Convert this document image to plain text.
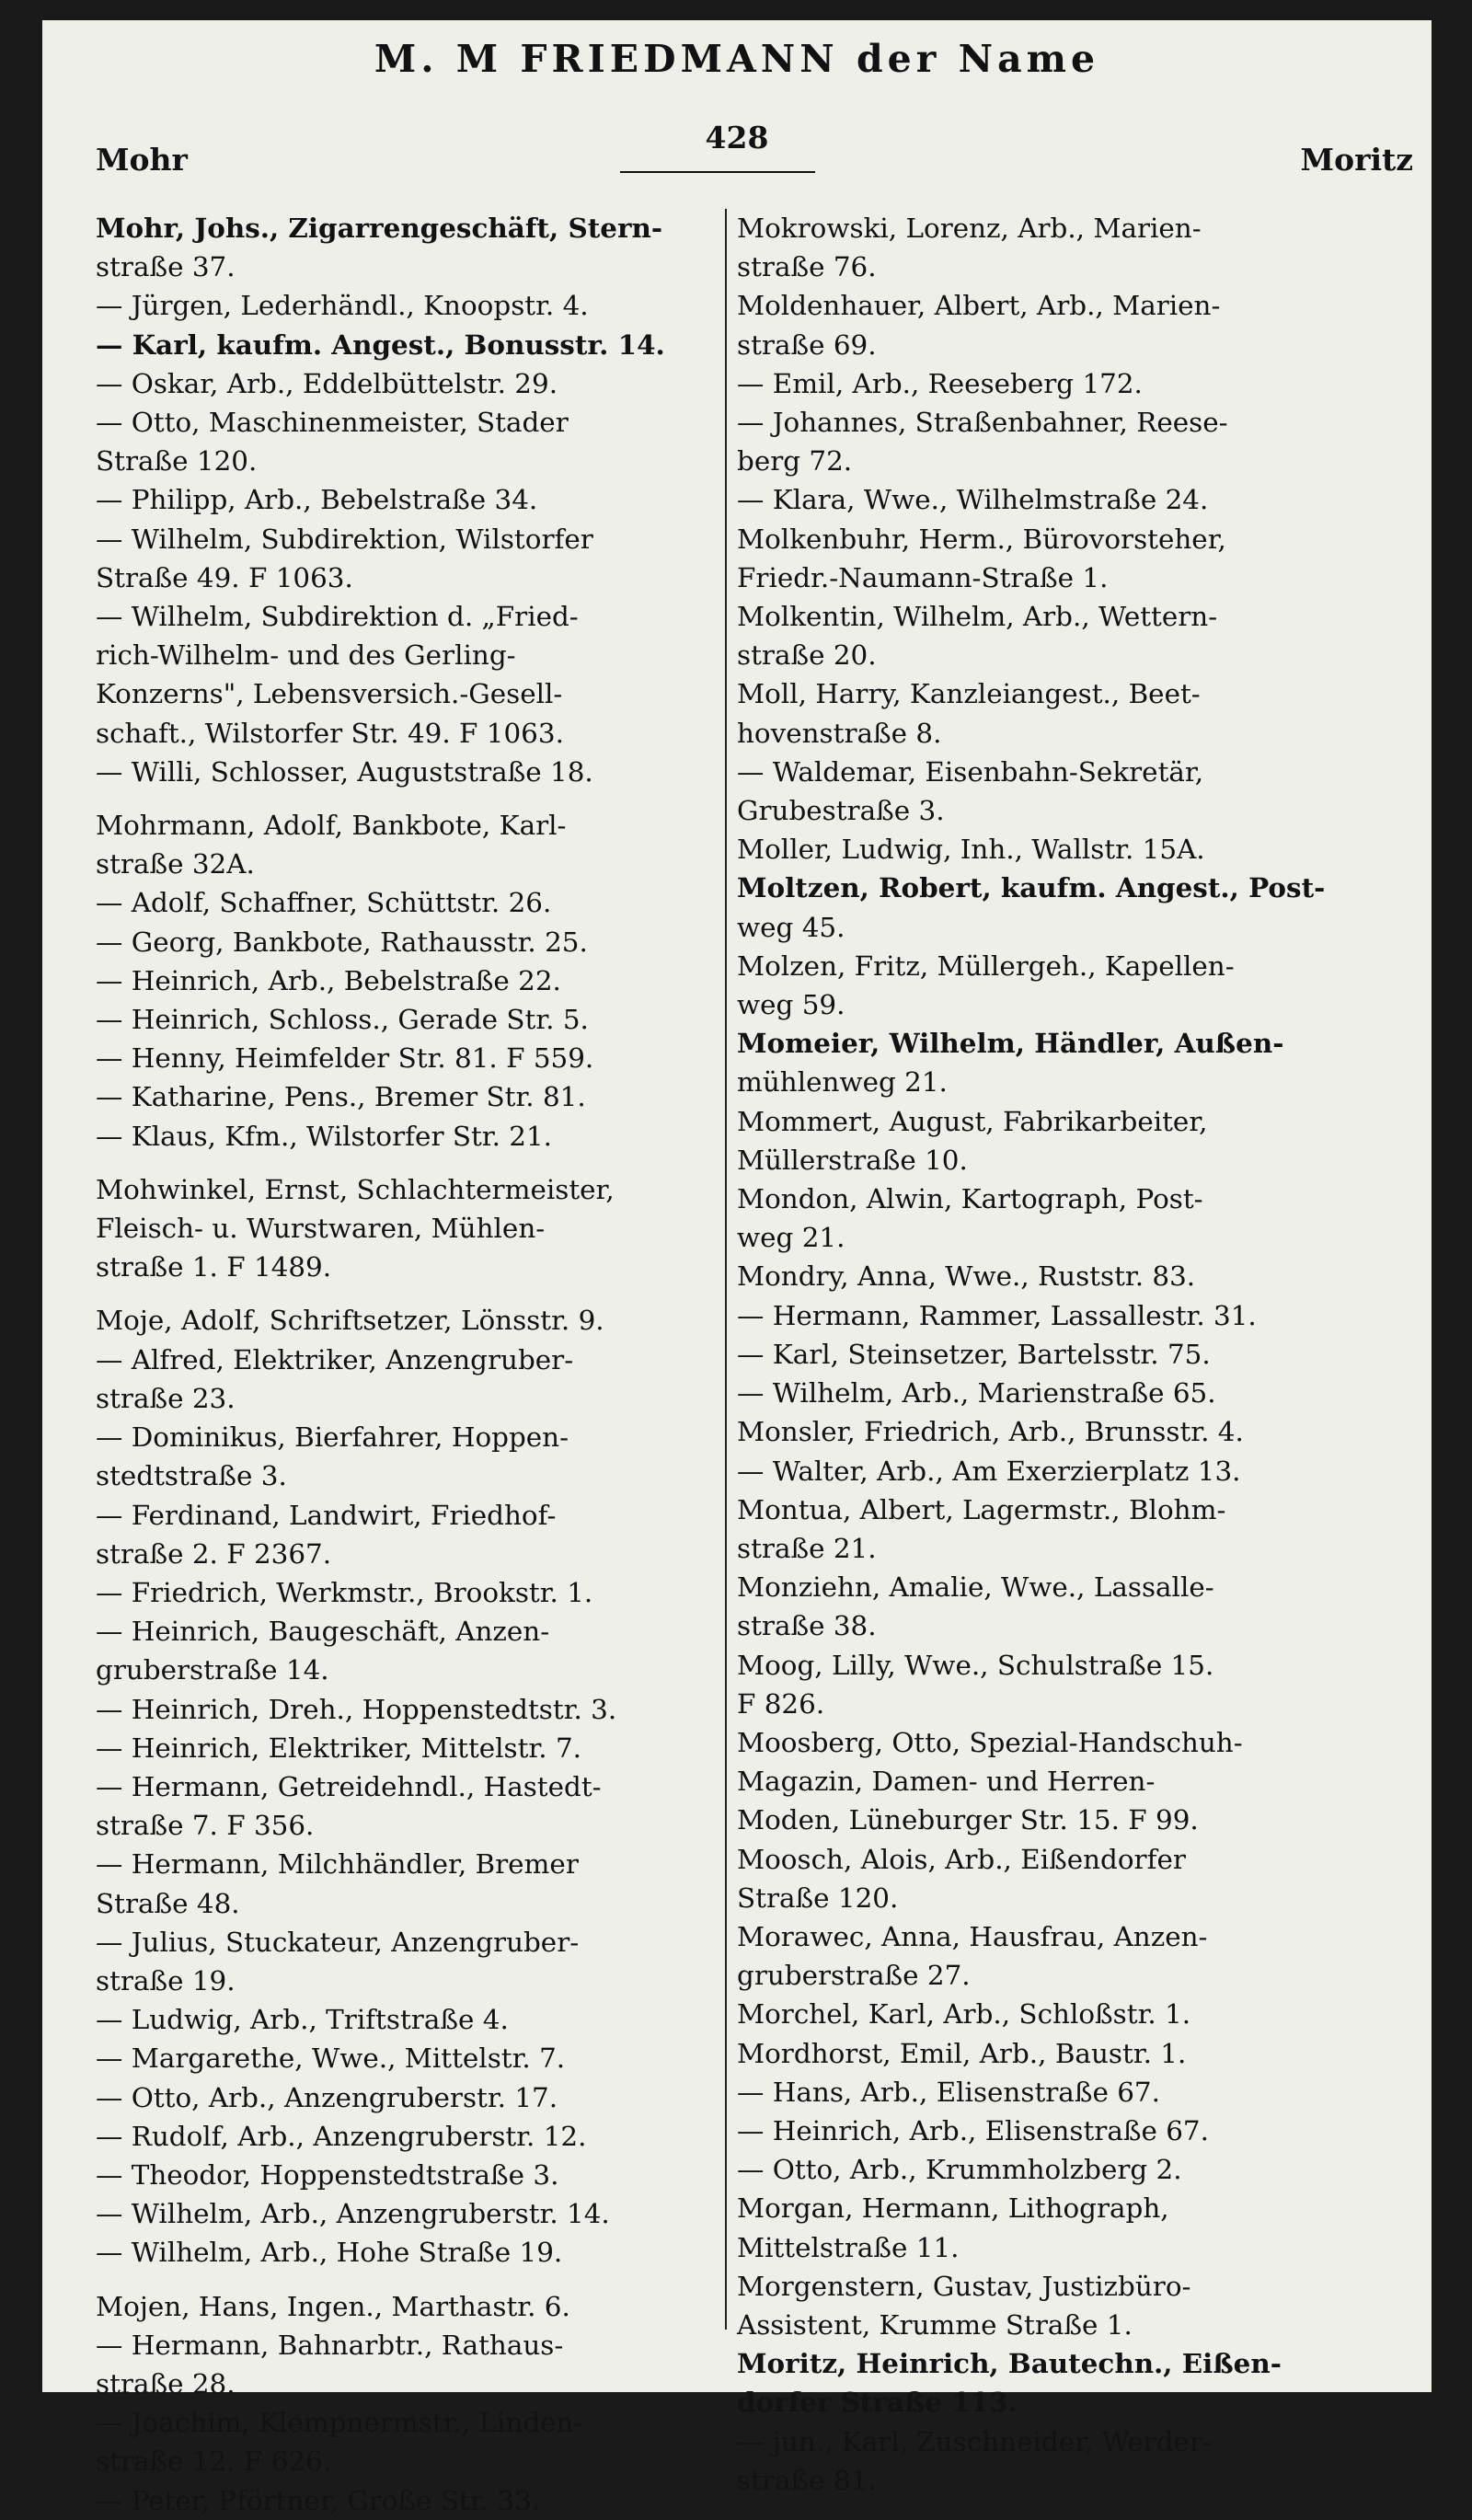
M. M FRIEDMANN der Name
Mohr
428
Moritz
Mohr, Johs., Zigarrengeschäft, Stern-
straße 37.
— Jürgen, Lederhändl., Knoopstr. 4.
— Karl, kaufm. Angest., Bonusstr. 14.
— Oskar, Arb., Eddelbüttelstr. 29.
— Otto, Maschinenmeister, Stader
Straße 120.
— Philipp, Arb., Bebelstraße 34.
— Wilhelm, Subdirektion, Wilstorfer
Straße 49. F 1063.
— Wilhelm, Subdirektion d. „Fried-
rich-Wilhelm- und des Gerling-
Konzerns", Lebensversich.-Gesell-
schaft., Wilstorfer Str. 49. F 1063.
— Willi, Schlosser, Auguststraße 18.
Mohrmann, Adolf, Bankbote, Karl-
straße 32A.
— Adolf, Schaffner, Schüttstr. 26.
— Georg, Bankbote, Rathausstr. 25.
— Heinrich, Arb., Bebelstraße 22.
— Heinrich, Schloss., Gerade Str. 5.
— Henny, Heimfelder Str. 81. F 559.
— Katharine, Pens., Bremer Str. 81.
— Klaus, Kfm., Wilstorfer Str. 21.
Mohwinkel, Ernst, Schlachtermeister,
Fleisch- u. Wurstwaren, Mühlen-
straße 1. F 1489.
Moje, Adolf, Schriftsetzer, Lönsstr. 9.
— Alfred, Elektriker, Anzengruber-
straße 23.
— Dominikus, Bierfahrer, Hoppen-
stedtstraße 3.
— Ferdinand, Landwirt, Friedhof-
straße 2. F 2367.
— Friedrich, Werkmstr., Brookstr. 1.
— Heinrich, Baugeschäft, Anzen-
gruberstraße 14.
— Heinrich, Dreh., Hoppenstedtstr. 3.
— Heinrich, Elektriker, Mittelstr. 7.
— Hermann, Getreidehndl., Hastedt-
straße 7. F 356.
— Hermann, Milchhändler, Bremer
Straße 48.
— Julius, Stuckateur, Anzengruber-
straße 19.
— Ludwig, Arb., Triftstraße 4.
— Margarethe, Wwe., Mittelstr. 7.
— Otto, Arb., Anzengruberstr. 17.
— Rudolf, Arb., Anzengruberstr. 12.
— Theodor, Hoppenstedtstraße 3.
— Wilhelm, Arb., Anzengruberstr. 14.
— Wilhelm, Arb., Hohe Straße 19.
Mojen, Hans, Ingen., Marthastr. 6.
— Hermann, Bahnarbtr., Rathaus-
straße 28.
— Joachim, Klempnermstr., Linden-
straße 12. F 626.
— Peter, Pförtner, Große Str. 33.
Mokrowski, Lorenz, Arb., Marien-
straße 76.
Moldenhauer, Albert, Arb., Marien-
straße 69.
— Emil, Arb., Reeseberg 172.
— Johannes, Straßenbahner, Reese-
berg 72.
— Klara, Wwe., Wilhelmstraße 24.
Molkenbuhr, Herm., Bürovorsteher,
Friedr.-Naumann-Straße 1.
Molkentin, Wilhelm, Arb., Wettern-
straße 20.
Moll, Harry, Kanzleiangest., Beet-
hovenstraße 8.
— Waldemar, Eisenbahn-Sekretär,
Grubestraße 3.
Moller, Ludwig, Inh., Wallstr. 15A.
Moltzen, Robert, kaufm. Angest., Post-
weg 45.
Molzen, Fritz, Müllergeh., Kapellen-
weg 59.
Momeier, Wilhelm, Händler, Außen-
mühlenweg 21.
Mommert, August, Fabrikarbeiter,
Müllerstraße 10.
Mondon, Alwin, Kartograph, Post-
weg 21.
Mondry, Anna, Wwe., Ruststr. 83.
— Hermann, Rammer, Lassallestr. 31.
— Karl, Steinsetzer, Bartelsstr. 75.
— Wilhelm, Arb., Marienstraße 65.
Monsler, Friedrich, Arb., Brunsstr. 4.
— Walter, Arb., Am Exerzierplatz 13.
Montua, Albert, Lagermstr., Blohm-
straße 21.
Monziehn, Amalie, Wwe., Lassalle-
straße 38.
Moog, Lilly, Wwe., Schulstraße 15.
F 826.
Moosberg, Otto, Spezial-Handschuh-
Magazin, Damen- und Herren-
Moden, Lüneburger Str. 15. F 99.
Moosch, Alois, Arb., Eißendorfer
Straße 120.
Morawec, Anna, Hausfrau, Anzen-
gruberstraße 27.
Morchel, Karl, Arb., Schloßstr. 1.
Mordhorst, Emil, Arb., Baustr. 1.
— Hans, Arb., Elisenstraße 67.
— Heinrich, Arb., Elisenstraße 67.
— Otto, Arb., Krummholzberg 2.
Morgan, Hermann, Lithograph,
Mittelstraße 11.
Morgenstern, Gustav, Justizbüro-
Assistent, Krumme Straße 1.
Moritz, Heinrich, Bautechn., Eißen-
dorfer Straße 113.
— jun., Karl, Zuschneider, Werder-
straße 81.
